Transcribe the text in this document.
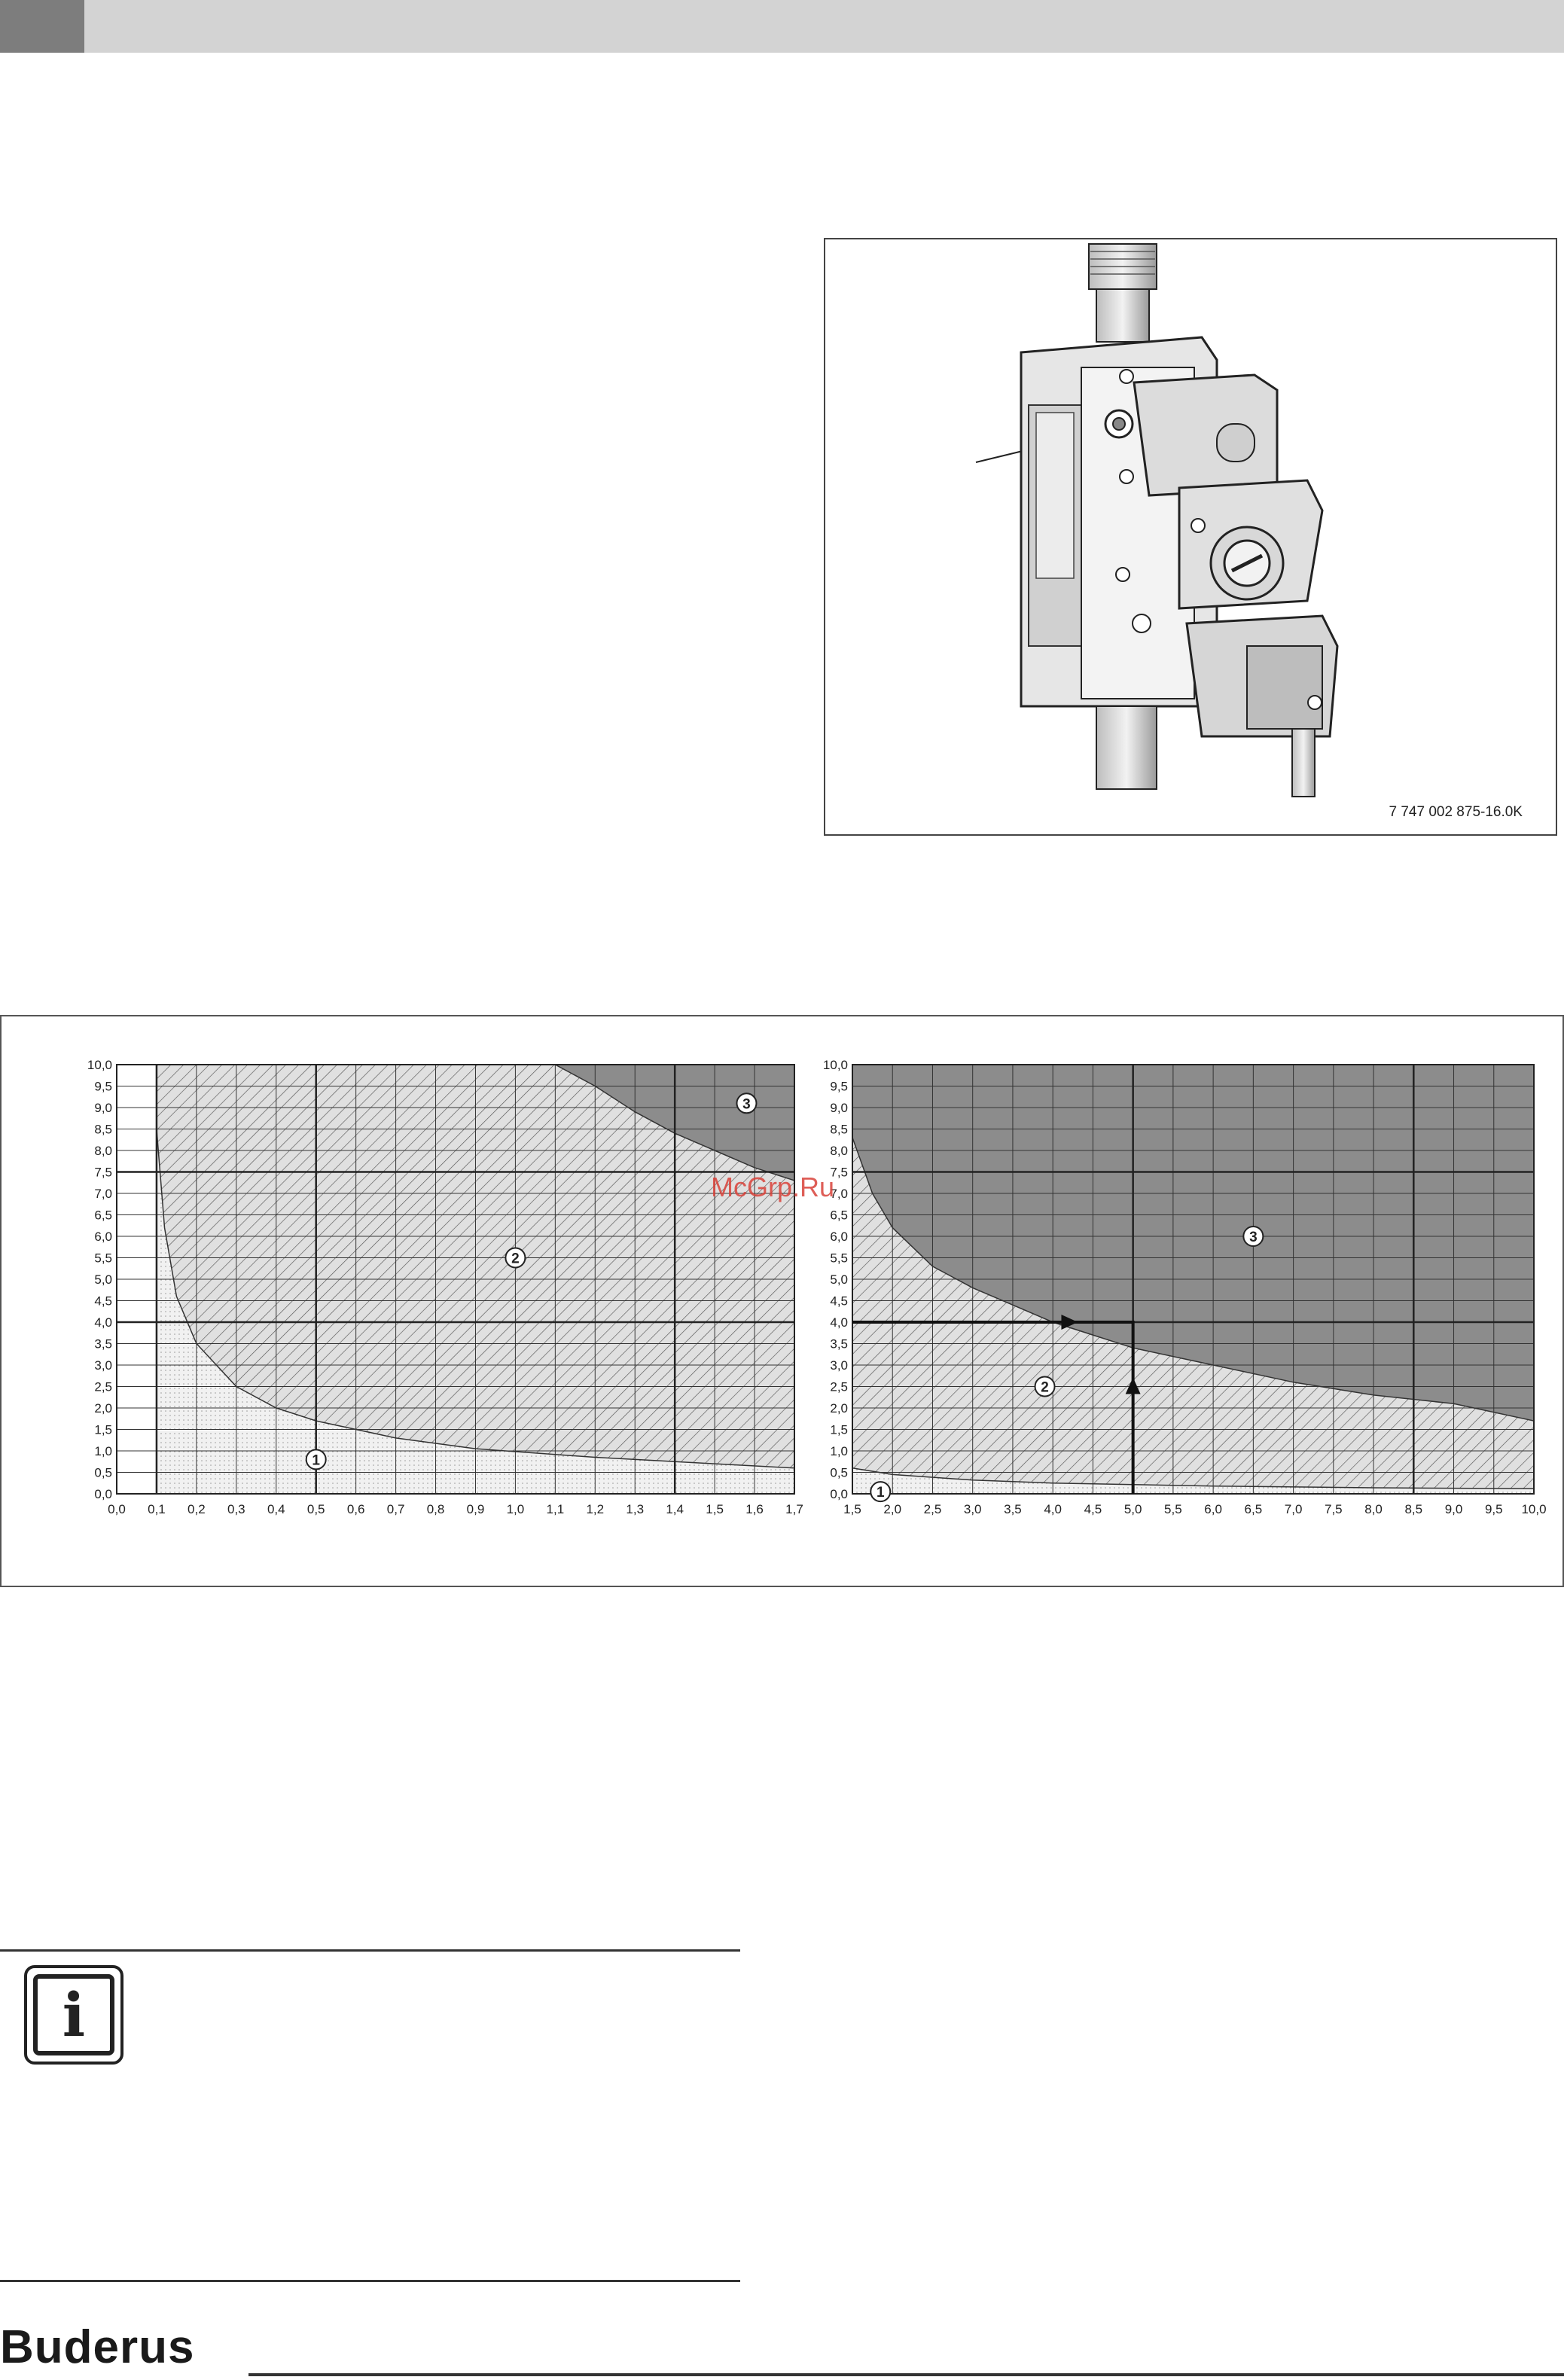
7 747 002 875-16.0K
0,0 0,1 0,2 0,3 0,4 0,5 0,6 0,7 0,8 0,9 1,0 1,1 1,2 1,3 1,4 1,5 1,6 1,7
0,0
0,5
1,0
1,5
2,0
2,5
3,0
3,5
4,0
4,5
5,0
5,5
6,0
6,5
7,0
7,5
8,0
8,5
9,0
9,5
10,0
1
2
3
1,5 2,0 2,5 3,0 3,5 4,0 4,5 5,0 5,5 6,0 6,5 7,0 7,5 8,0 8,5 9,0 9,5 10,0
0,0
0,5
1,0
1,5
2,0
2,5
3,0
3,5
4,0
4,5
5,0
5,5
6,0
6,5
7,0
7,5
8,0
8,5
9,0
9,5
10,0
1
2
3
McGrp.Ru
i
Buderus
